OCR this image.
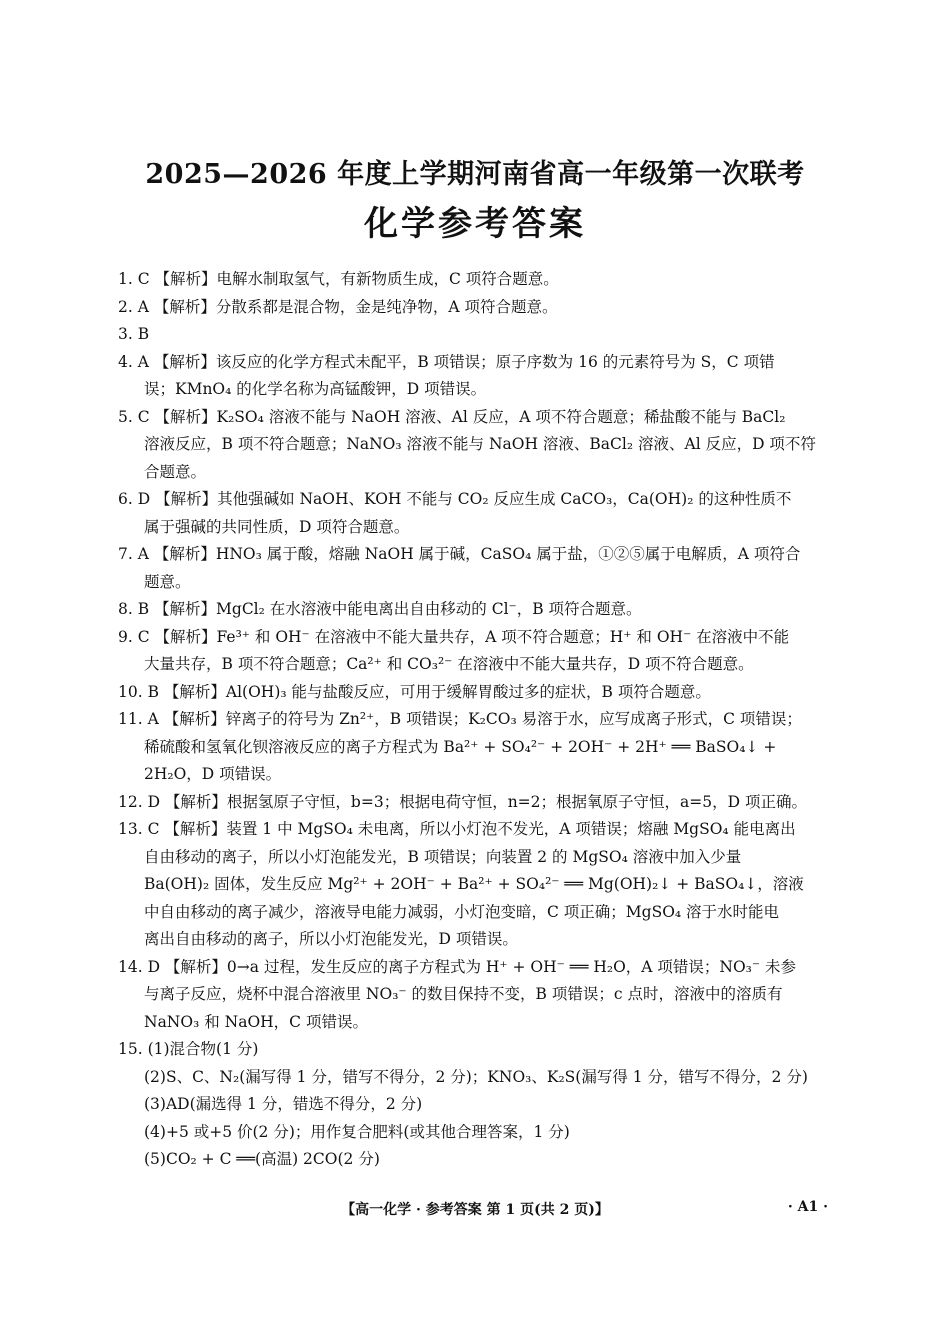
2025—2026 年度上学期河南省高一年级第一次联考
化学参考答案
1. C 【解析】电解水制取氢气，有新物质生成，C 项符合题意。
2. A 【解析】分散系都是混合物，金是纯净物，A 项符合题意。
3. B
4. A 【解析】该反应的化学方程式未配平，B 项错误；原子序数为 16 的元素符号为 S，C 项错
误；KMnO₄ 的化学名称为高锰酸钾，D 项错误。
5. C 【解析】K₂SO₄ 溶液不能与 NaOH 溶液、Al 反应，A 项不符合题意；稀盐酸不能与 BaCl₂
溶液反应，B 项不符合题意；NaNO₃ 溶液不能与 NaOH 溶液、BaCl₂ 溶液、Al 反应，D 项不符
合题意。
6. D 【解析】其他强碱如 NaOH、KOH 不能与 CO₂ 反应生成 CaCO₃，Ca(OH)₂ 的这种性质不
属于强碱的共同性质，D 项符合题意。
7. A 【解析】HNO₃ 属于酸，熔融 NaOH 属于碱，CaSO₄ 属于盐，①②⑤属于电解质，A 项符合
题意。
8. B 【解析】MgCl₂ 在水溶液中能电离出自由移动的 Cl⁻，B 项符合题意。
9. C 【解析】Fe³⁺ 和 OH⁻ 在溶液中不能大量共存，A 项不符合题意；H⁺ 和 OH⁻ 在溶液中不能
大量共存，B 项不符合题意；Ca²⁺ 和 CO₃²⁻ 在溶液中不能大量共存，D 项不符合题意。
10. B 【解析】Al(OH)₃ 能与盐酸反应，可用于缓解胃酸过多的症状，B 项符合题意。
11. A 【解析】锌离子的符号为 Zn²⁺，B 项错误；K₂CO₃ 易溶于水，应写成离子形式，C 项错误；
稀硫酸和氢氧化钡溶液反应的离子方程式为 Ba²⁺ + SO₄²⁻ + 2OH⁻ + 2H⁺ ══ BaSO₄↓ +
2H₂O，D 项错误。
12. D 【解析】根据氢原子守恒，b=3；根据电荷守恒，n=2；根据氧原子守恒，a=5，D 项正确。
13. C 【解析】装置 1 中 MgSO₄ 未电离，所以小灯泡不发光，A 项错误；熔融 MgSO₄ 能电离出
自由移动的离子，所以小灯泡能发光，B 项错误；向装置 2 的 MgSO₄ 溶液中加入少量
Ba(OH)₂ 固体，发生反应 Mg²⁺ + 2OH⁻ + Ba²⁺ + SO₄²⁻ ══ Mg(OH)₂↓ + BaSO₄↓，溶液
中自由移动的离子减少，溶液导电能力减弱，小灯泡变暗，C 项正确；MgSO₄ 溶于水时能电
离出自由移动的离子，所以小灯泡能发光，D 项错误。
14. D 【解析】0→a 过程，发生反应的离子方程式为 H⁺ + OH⁻ ══ H₂O，A 项错误；NO₃⁻ 未参
与离子反应，烧杯中混合溶液里 NO₃⁻ 的数目保持不变，B 项错误；c 点时，溶液中的溶质有
NaNO₃ 和 NaOH，C 项错误。
15. (1)混合物(1 分)
(2)S、C、N₂(漏写得 1 分，错写不得分，2 分)；KNO₃、K₂S(漏写得 1 分，错写不得分，2 分)
(3)AD(漏选得 1 分，错选不得分，2 分)
(4)+5 或+5 价(2 分)；用作复合肥料(或其他合理答案，1 分)
(5)CO₂ + C ══(高温) 2CO(2 分)
【高一化学 · 参考答案 第 1 页(共 2 页)】	· A1 ·
